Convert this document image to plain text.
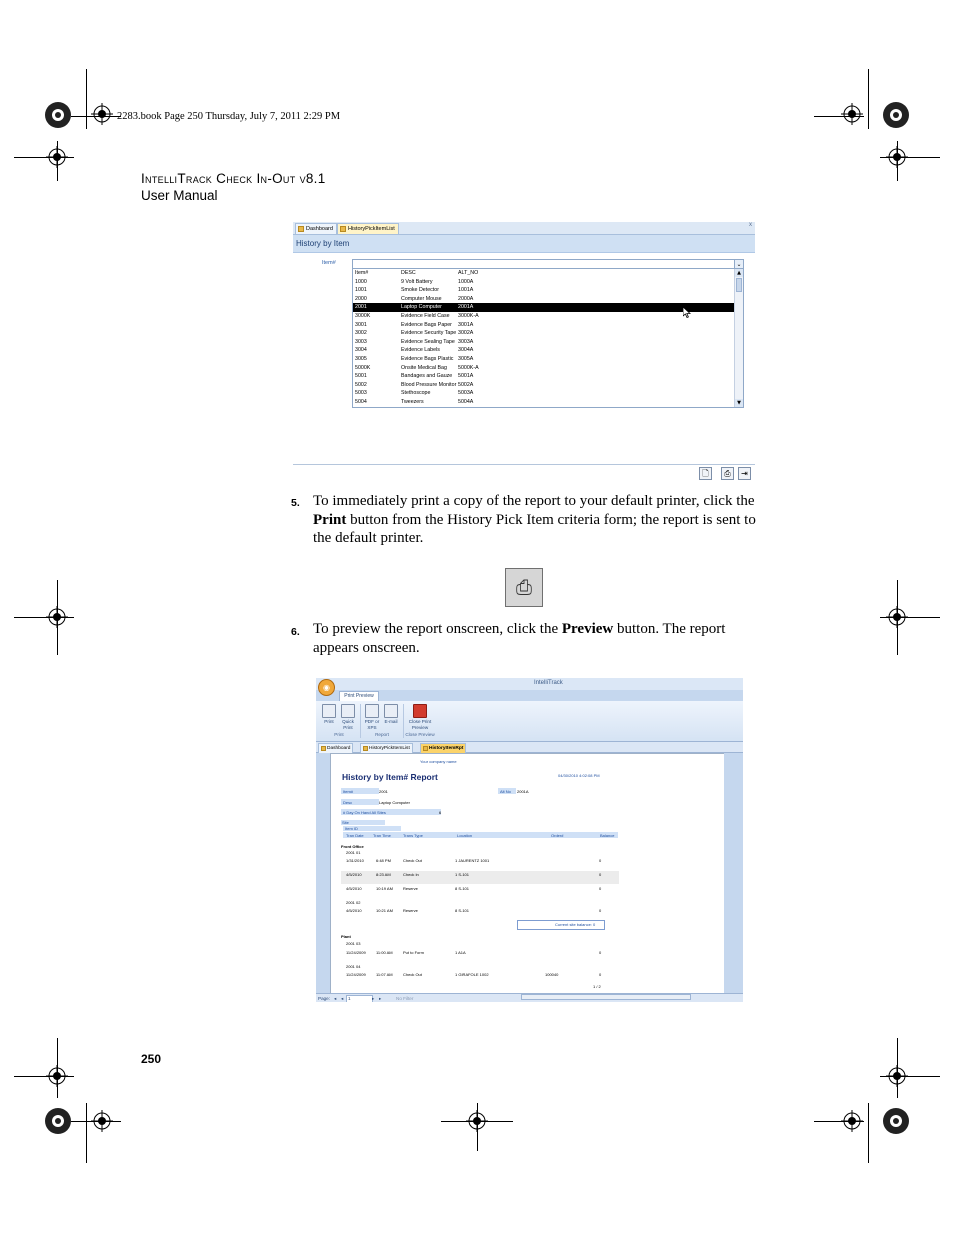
2283.book Page 250 Thursday, July 7, 2011 2:29 PM
IntelliTrack Check In-Out v8.1
User Manual
Dashboard	HistoryPickItemList
x
History by Item
Item#	⌄
Item#	DESC	ALT_NO
1000	9 Volt Battery	1000A
1001	Smoke Detector	1001A
2000	Computer Mouse	2000A
2001	Laptop Computer	2001A
3000K	Evidence Field Case	3000K-A
3001	Evidence Bags Paper	3001A
3002	Evidence Security Tape 3002A
3003	Evidence Sealing Tape 3003A
3004	Evidence Labels	3004A
3005	Evidence Bags Plastic 3005A
5000K	Onsite Medical Bag	5000K-A
5001	Bandages and Gauze	5001A
5002	Blood Pressure Monitor 5002A
5003	Stethoscope	5003A
5004	Tweezers	5004A
▲
▼
🗋	⎙	⇥
5. To immediately print a copy of the report to your default printer, click the Print button from the History Pick Item criteria form; the report is sent to the default printer.
⎙
6. To preview the report onscreen, click the Preview button. The report appears onscreen.
◉	IntelliTrack
Print Preview
Print	Quick Print
PDF or XPS
E-mail	Close Print Preview
Print	Report	Close Preview
Dashboard	HistoryPickItemList	HistoryItemRpt
Your company name
History by Item# Report	04/30/2010 4:02:08 PM
Item#	2001	Alt No 2001A
Desc	Laptop Computer
# Day On Hand All Sites	6
Site
Item ID
Tran Date Tran Time	Trans Type	Location	Order#	Balance
Front Office
2001 01
1/31/2010	6:48 PM	Check Out	1 JAURENTZ 1001	0
4/5/2010	8:23 AM	Check In	1 S-101	0
4/5/2010	10:19 AM	Reserve	8 S-101	0
2001 02
4/5/2010	10:21 AM	Reserve	8 S-101	0
Current site balance: 0
Plant
2001 03
11/24/2009	11:00 AM	Put to Form	1 A1A	0
2001 04
11/24/2009	11:07 AM	Check Out	1 GIRAFOLE 1002	100040	0
1 / 2
Page: ◂ ◂	1	▸ ▸	No Filter
250
